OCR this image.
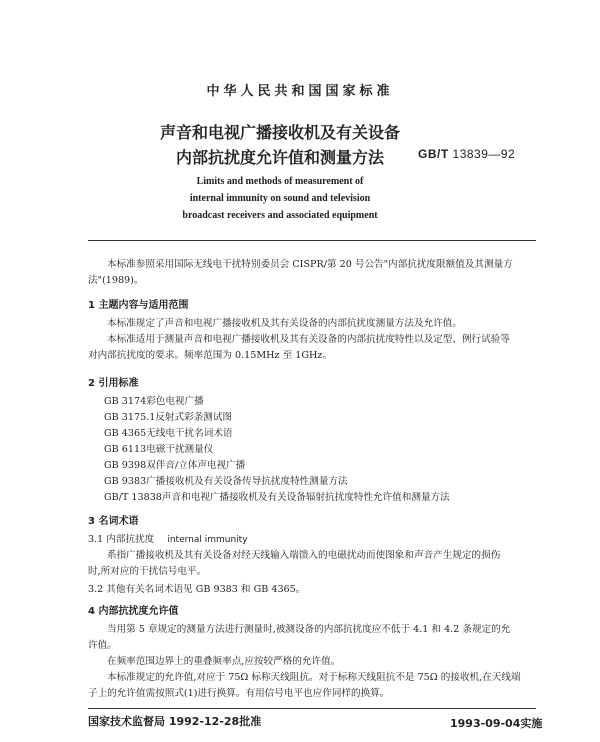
中华人民共和国国家标准
声音和电视广播接收机及有关设备
内部抗扰度允许值和测量方法	GB/T 13839—92
Limits and methods of measurement of
internal immunity on sound and television
broadcast receivers and associated equipment
本标准参照采用国际无线电干扰特别委员会 CISPR/第 20 号公告"内部抗扰度限额值及其测量方
法"(1989)。
1 主题内容与适用范围
本标准规定了声音和电视广播接收机及其有关设备的内部抗扰度测量方法及允许值。
本标准适用于测量声音和电视广播接收机及其有关设备的内部抗扰度特性以及定型、例行试验等
对内部抗扰度的要求。频率范围为 0.15MHz 至 1GHz。
2 引用标准
GB 3174彩色电视广播
GB 3175.1反射式彩条测试图
GB 4365无线电干扰名词术语
GB 6113电磁干扰测量仪
GB 9398双伴音/立体声电视广播
GB 9383广播接收机及有关设备传导抗扰度特性测量方法
GB/T 13838声音和电视广播接收机及有关设备辐射抗扰度特性允许值和测量方法
3 名词术语
3.1 内部抗扰度 internal immunity
系指广播接收机及其有关设备对经天线输入端馈入的电磁扰动而使图象和声音产生规定的损伤
时,所对应的干扰信号电平。
3.2 其他有关名词术语见 GB 9383 和 GB 4365。
4 内部抗扰度允许值
当用第 5 章规定的测量方法进行测量时,被测设备的内部抗扰度应不低于 4.1 和 4.2 条规定的允
许值。
在频率范围边界上的重叠频率点,应按较严格的允许值。
本标准规定的允许值,对应于 75Ω 标称天线阻抗。对于标称天线阻抗不是 75Ω 的接收机,在天线端
子上的允许值需按照式(1)进行换算。有用信号电平也应作同样的换算。
国家技术监督局 1992-12-28批准	1993-09-04实施
